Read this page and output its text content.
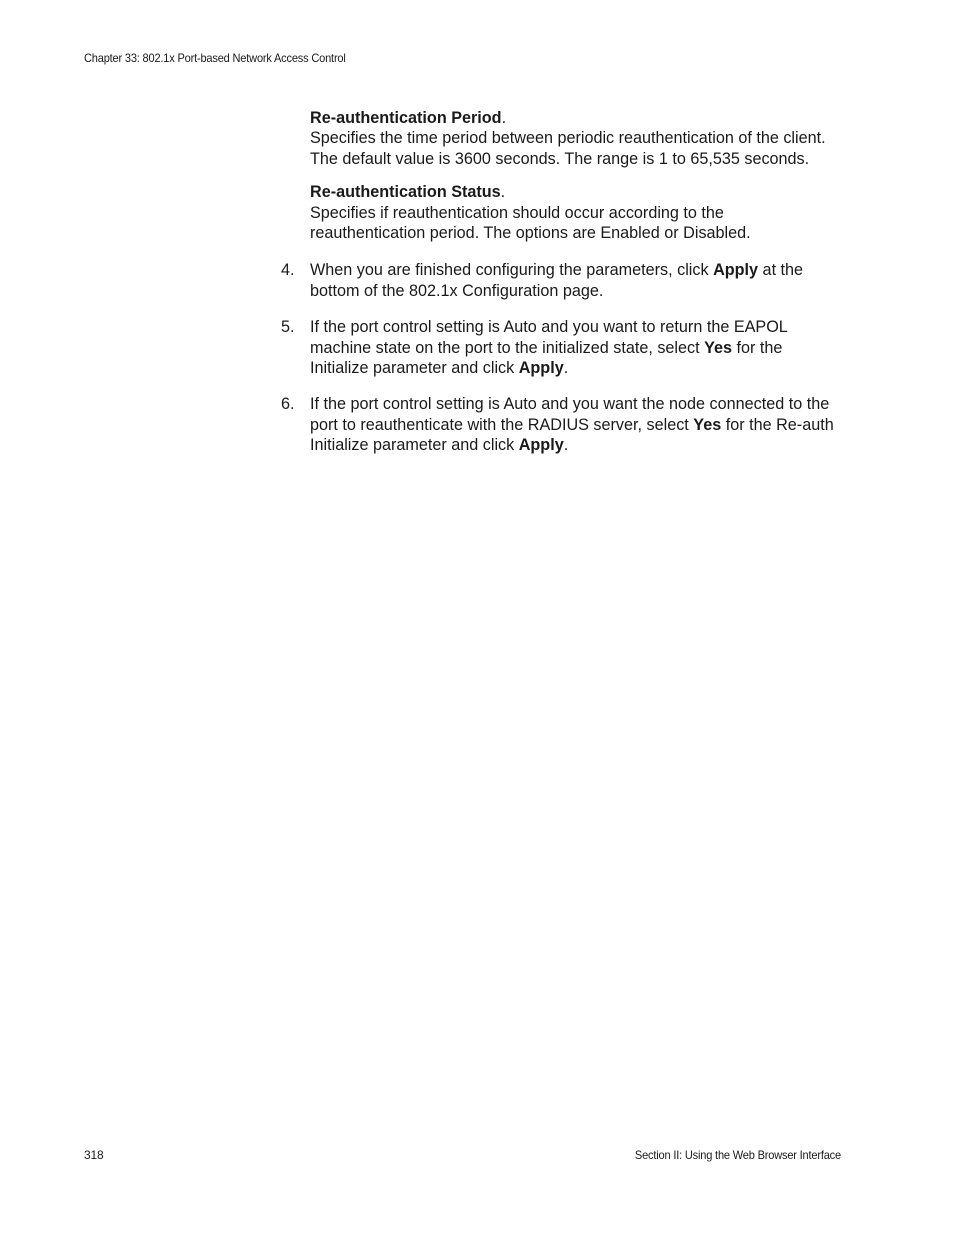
Chapter 33: 802.1x Port-based Network Access Control
Re-authentication Period.
Specifies the time period between periodic reauthentication of the client. The default value is 3600 seconds. The range is 1 to 65,535 seconds.
Re-authentication Status.
Specifies if reauthentication should occur according to the reauthentication period. The options are Enabled or Disabled.
4. When you are finished configuring the parameters, click Apply at the bottom of the 802.1x Configuration page.
5. If the port control setting is Auto and you want to return the EAPOL machine state on the port to the initialized state, select Yes for the Initialize parameter and click Apply.
6. If the port control setting is Auto and you want the node connected to the port to reauthenticate with the RADIUS server, select Yes for the Re-auth Initialize parameter and click Apply.
318	Section II: Using the Web Browser Interface
